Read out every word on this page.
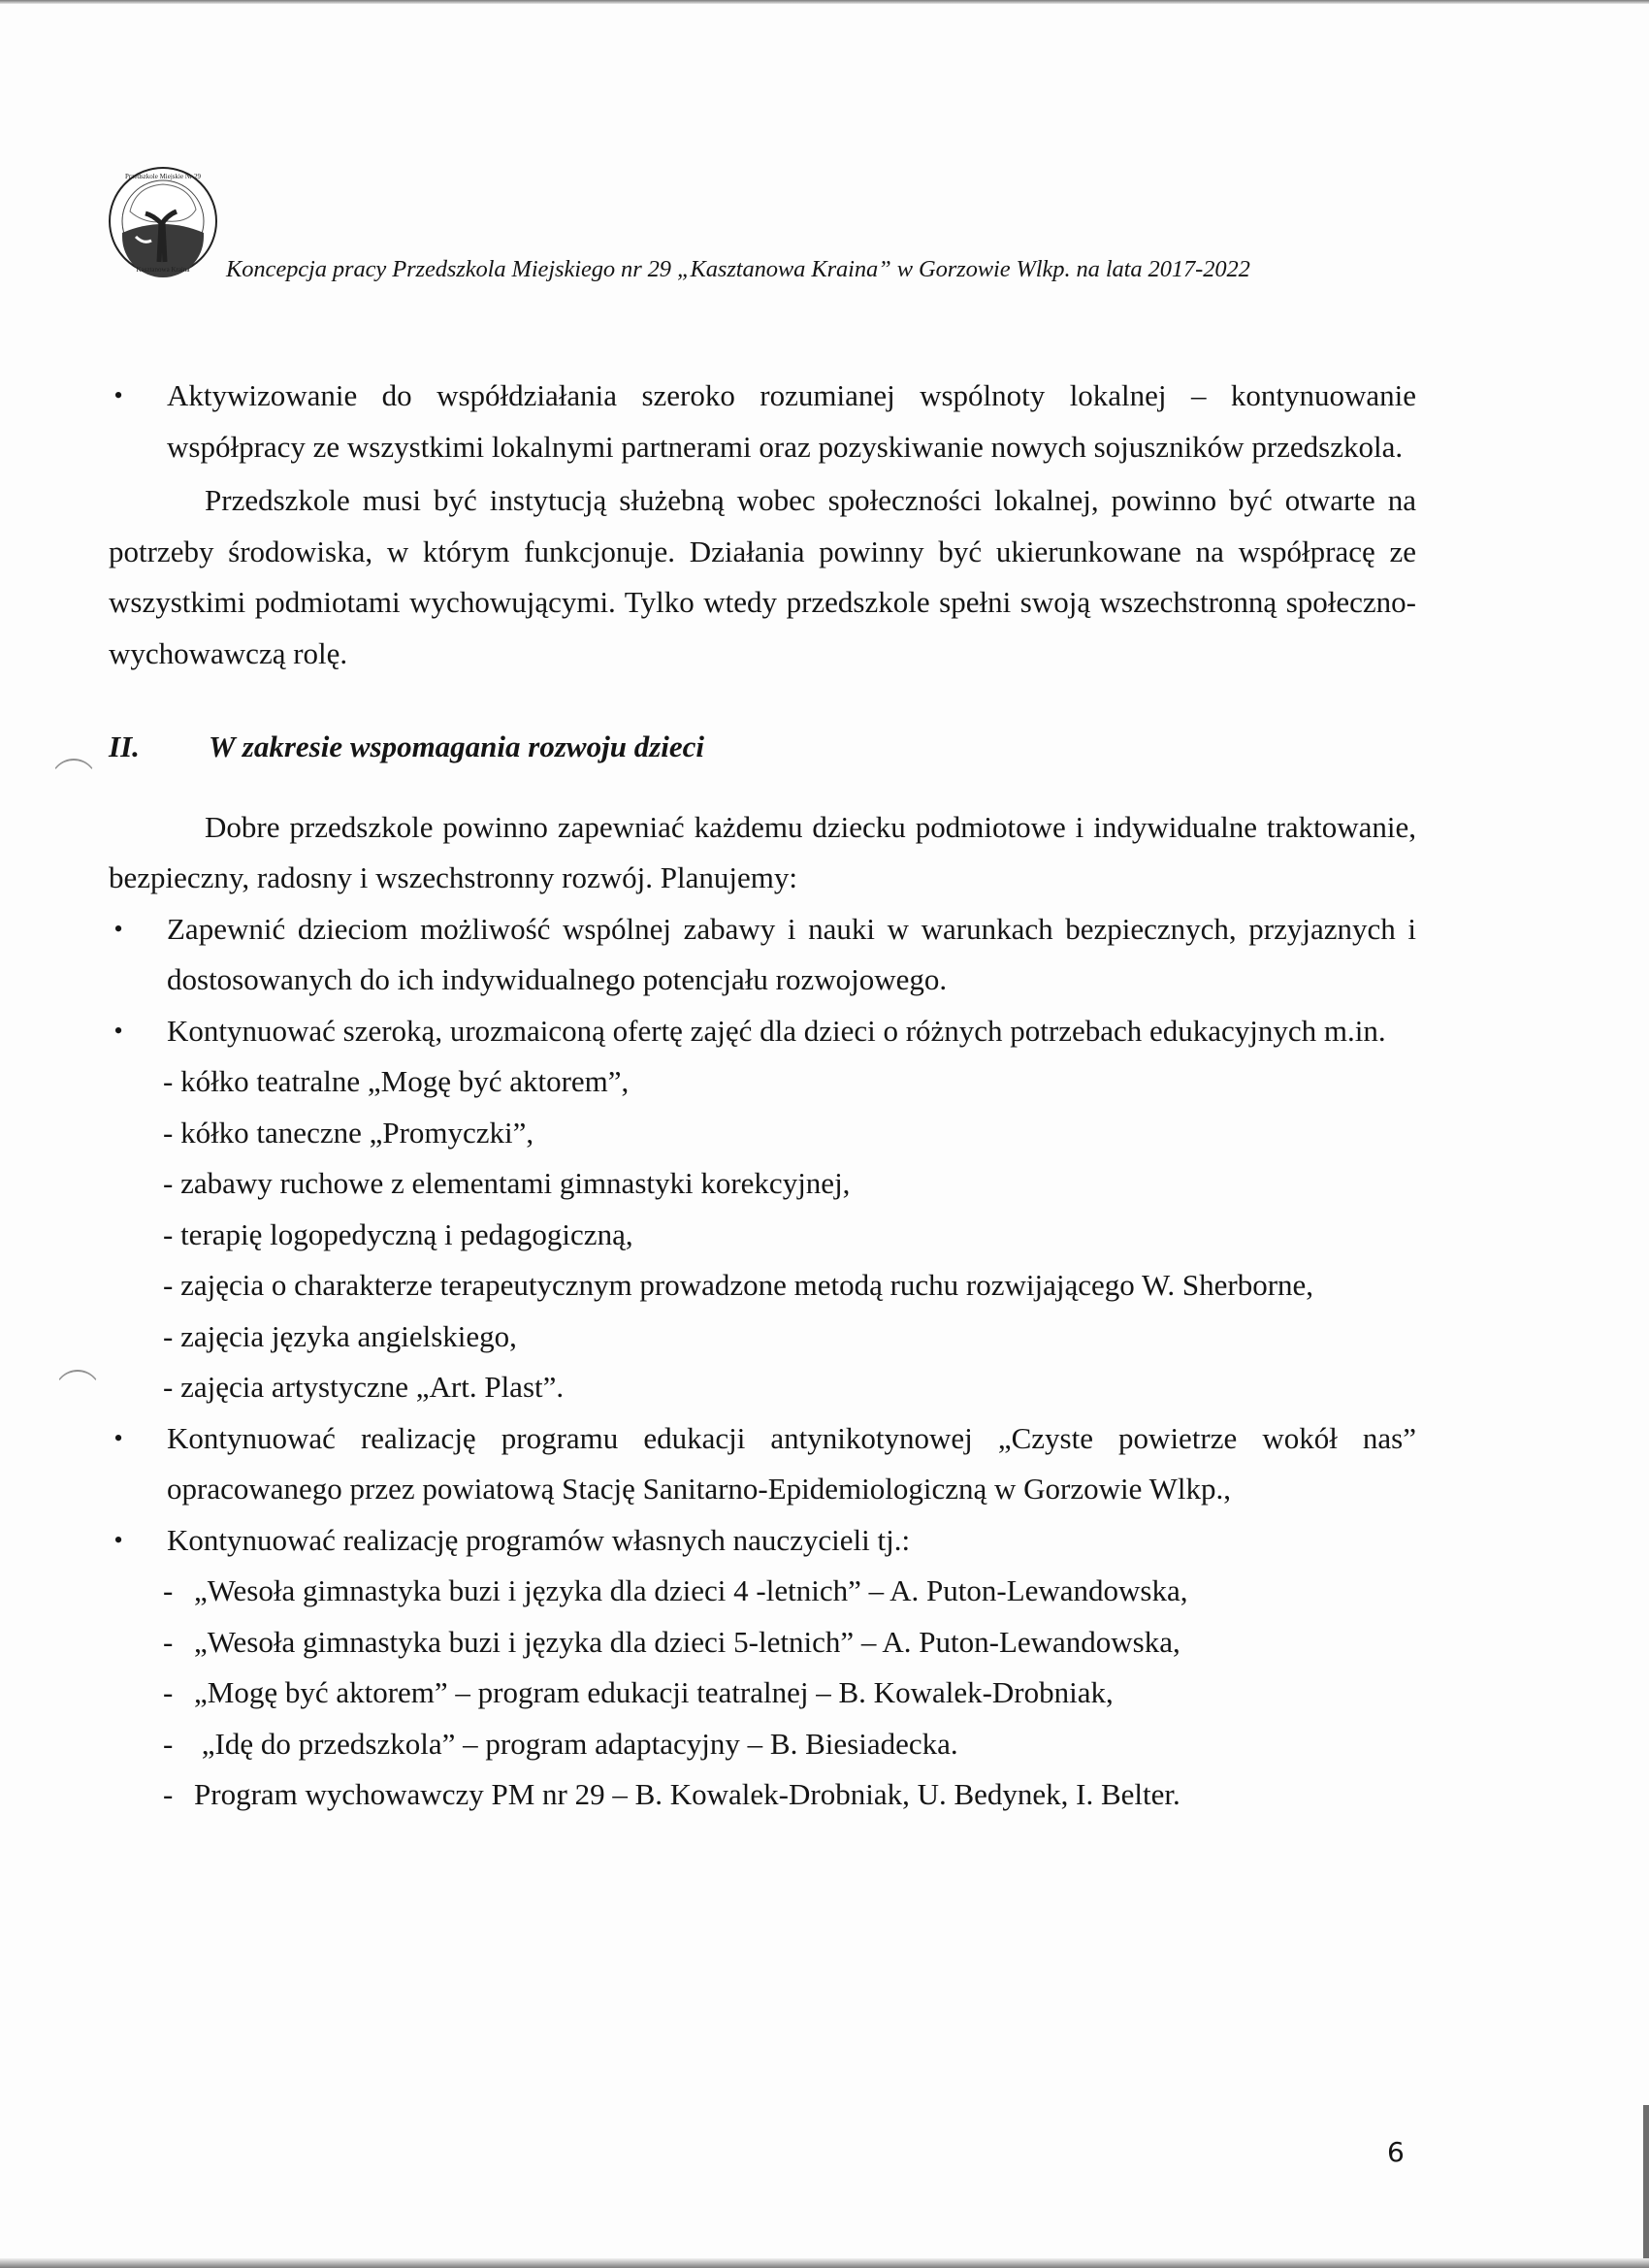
Przedszkole Miejskie Nr 29
Kasztanowa Kraina Koncepcja pracy Przedszkola Miejskiego nr 29 „Kasztanowa Kraina” w Gorzowie Wlkp. na lata 2017-2022
• Aktywizowanie do współdziałania szeroko rozumianej wspólnoty lokalnej – kontynuowanie współpracy ze wszystkimi lokalnymi partnerami oraz pozyskiwanie nowych sojuszników przedszkola.

Przedszkole musi być instytucją służebną wobec społeczności lokalnej, powinno być otwarte na potrzeby środowiska, w którym funkcjonuje. Działania powinny być ukierunkowane na współpracę ze wszystkimi podmiotami wychowującymi. Tylko wtedy przedszkole spełni swoją wszechstronną społeczno-wychowawczą rolę.

II.	W zakresie wspomagania rozwoju dzieci

Dobre przedszkole powinno zapewniać każdemu dziecku podmiotowe i indywidualne traktowanie, bezpieczny, radosny i wszechstronny rozwój. Planujemy:

• Zapewnić dzieciom możliwość wspólnej zabawy i nauki w warunkach bezpiecznych, przyjaznych i dostosowanych do ich indywidualnego potencjału rozwojowego.
• Kontynuować szeroką, urozmaiconą ofertę zajęć dla dzieci o różnych potrzebach edukacyjnych m.in.
- kółko teatralne „Mogę być aktorem”,
- kółko taneczne „Promyczki”,
- zabawy ruchowe z elementami gimnastyki korekcyjnej,
- terapię logopedyczną i pedagogiczną,
- zajęcia o charakterze terapeutycznym prowadzone metodą ruchu rozwijającego W. Sherborne,
- zajęcia języka angielskiego,
- zajęcia artystyczne „Art. Plast”.
• Kontynuować realizację programu edukacji antynikotynowej „Czyste powietrze wokół nas” opracowanego przez powiatową Stację Sanitarno-Epidemiologiczną w Gorzowie Wlkp.,
• Kontynuować realizację programów własnych nauczycieli tj.:
- „Wesoła gimnastyka buzi i języka dla dzieci 4 -letnich” – A. Puton-Lewandowska,
- „Wesoła gimnastyka buzi i języka dla dzieci 5-letnich” – A. Puton-Lewandowska,
- „Mogę być aktorem” – program edukacji teatralnej – B. Kowalek-Drobniak,
- „Idę do przedszkola” – program adaptacyjny – B. Biesiadecka.
- Program wychowawczy PM nr 29 – B. Kowalek-Drobniak, U. Bedynek, I. Belter.
6
